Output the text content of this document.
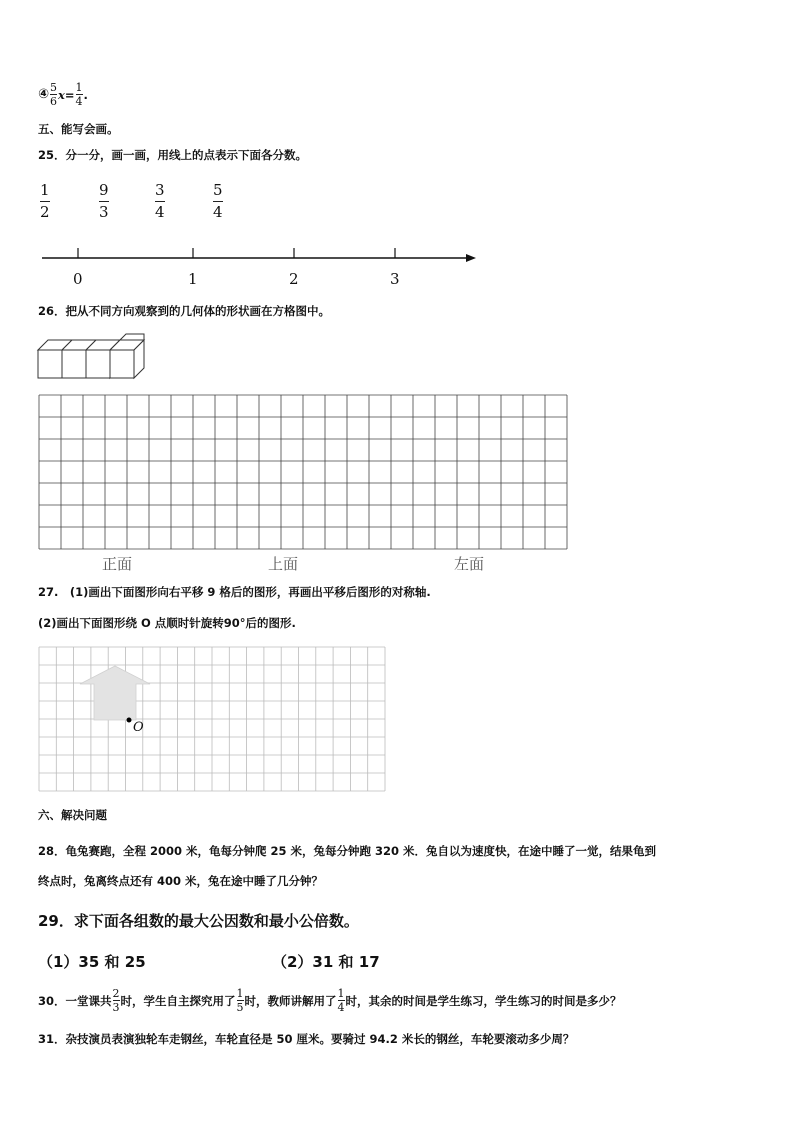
④ 5
6 x = 1
4 .
五、能写会画。
25．分一分，画一画，用线上的点表示下面各分数。
1
2
9
3
3
4
5
4
0	1	2	3
26．把从不同方向观察到的几何体的形状画在方格图中。
正面	上面	左面
27.　(1)画出下面图形向右平移 9 格后的图形，再画出平移后图形的对称轴.
(2)画出下面图形绕 O 点顺时针旋转90°后的图形.
O
六、解决问题
28．龟兔赛跑，全程 2000 米，龟每分钟爬 25 米，兔每分钟跑 320 米．兔自以为速度快，在途中睡了一觉，结果龟到
终点时，兔离终点还有 400 米，兔在途中睡了几分钟？
29．求下面各组数的最大公因数和最小公倍数。
（1）35 和 25	（2）31 和 17
30．一堂课共 2
3 时，学生自主探究用了 1
5 时，教师讲解用了 1
4 时，其余的时间是学生练习，学生练习的时间是多少？
31．杂技演员表演独轮车走钢丝，车轮直径是 50 厘米。要骑过 94.2 米长的钢丝，车轮要滚动多少周？
